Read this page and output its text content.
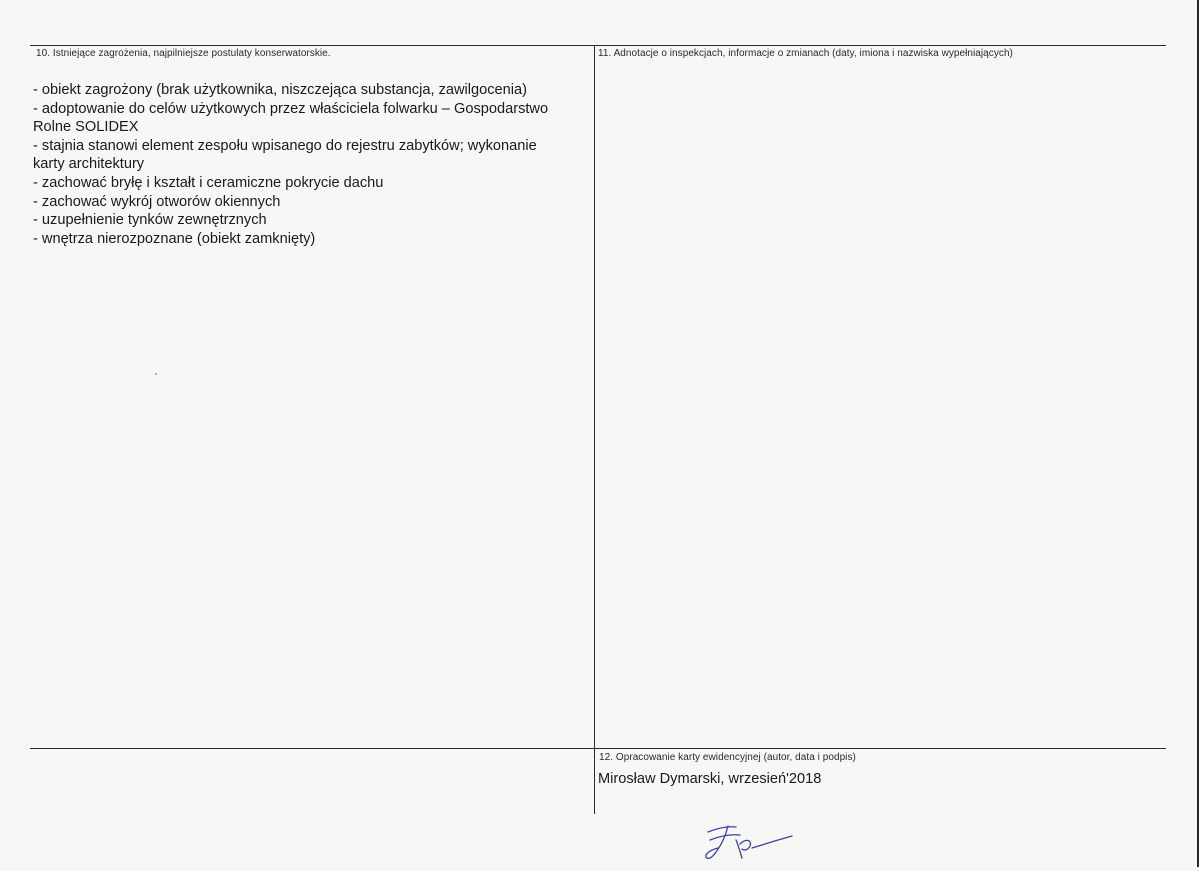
10. Istniejące zagrożenia, najpilniejsze postulaty konserwatorskie.
- obiekt zagrożony (brak użytkownika, niszczejąca substancja, zawilgocenia)
- adoptowanie do celów użytkowych przez właściciela folwarku – Gospodarstwo
Rolne SOLIDEX
- stajnia stanowi element zespołu wpisanego do rejestru zabytków; wykonanie
karty architektury
- zachować bryłę i kształt i ceramiczne pokrycie dachu
- zachować wykrój otworów okiennych
- uzupełnienie tynków zewnętrznych
- wnętrza nierozpoznane (obiekt zamknięty)
11. Adnotacje o inspekcjach, informacje o zmianach (daty, imiona i nazwiska wypełniających)
12. Opracowanie karty ewidencyjnej (autor, data i podpis)
Mirosław Dymarski, wrzesień'2018
